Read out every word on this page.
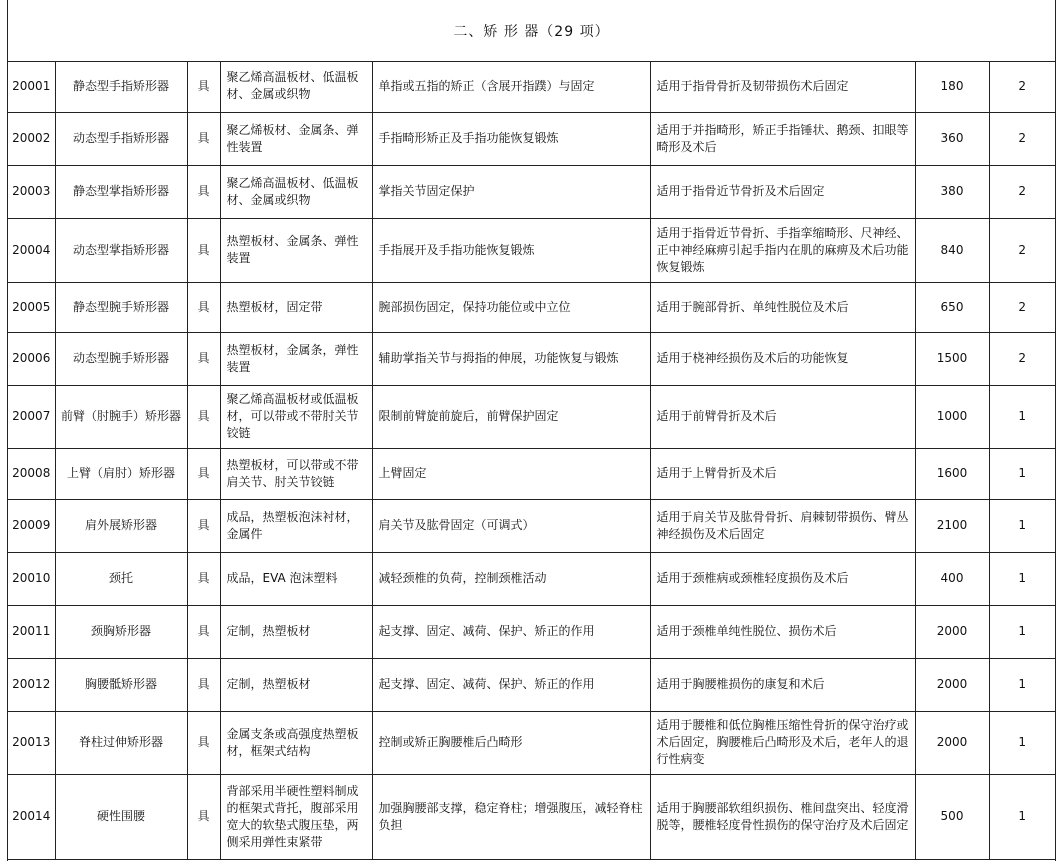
二、矫 形 器（29 项）
20001	静态型手指矫形器	具	聚乙烯高温板材、低温板材、金属或织物	单指或五指的矫正（含展开指蹼）与固定	适用于指骨骨折及韧带损伤术后固定	180	2
20002	动态型手指矫形器	具	聚乙烯板材、金属条、弹性装置	手指畸形矫正及手指功能恢复锻炼	适用于并指畸形，矫正手指锤状、鹅颈、扣眼等畸形及术后	360	2
20003	静态型掌指矫形器	具	聚乙烯高温板材、低温板材、金属或织物	掌指关节固定保护	适用于指骨近节骨折及术后固定	380	2
20004	动态型掌指矫形器	具	热塑板材、金属条、弹性装置	手指展开及手指功能恢复锻炼	适用于指骨近节骨折、手指挛缩畸形、尺神经、正中神经麻痹引起手指内在肌的麻痹及术后功能恢复锻炼	840	2
20005	静态型腕手矫形器	具	热塑板材，固定带	腕部损伤固定，保持功能位或中立位	适用于腕部骨折、单纯性脱位及术后	650	2
20006	动态型腕手矫形器	具	热塑板材，金属条，弹性装置	辅助掌指关节与拇指的伸展，功能恢复与锻炼	适用于桡神经损伤及术后的功能恢复	1500	2
20007	前臂（肘腕手）矫形器	具	聚乙烯高温板材或低温板材，可以带或不带肘关节铰链	限制前臂旋前旋后，前臂保护固定	适用于前臂骨折及术后	1000	1
20008	上臂（肩肘）矫形器	具	热塑板材，可以带或不带肩关节、肘关节铰链	上臂固定	适用于上臂骨折及术后	1600	1
20009	肩外展矫形器	具	成品，热塑板泡沫衬材，金属件	肩关节及肱骨固定（可调式）	适用于肩关节及肱骨骨折、肩棘韧带损伤、臂丛神经损伤及术后固定	2100	1
20010	颈托	具	成品，EVA 泡沫塑料	减轻颈椎的负荷，控制颈椎活动	适用于颈椎病或颈椎轻度损伤及术后	400	1
20011	颈胸矫形器	具	定制，热塑板材	起支撑、固定、减荷、保护、矫正的作用	适用于颈椎单纯性脱位、损伤术后	2000	1
20012	胸腰骶矫形器	具	定制，热塑板材	起支撑、固定、减荷、保护、矫正的作用	适用于胸腰椎损伤的康复和术后	2000	1
20013	脊柱过伸矫形器	具	金属支条或高强度热塑板材，框架式结构	控制或矫正胸腰椎后凸畸形	适用于腰椎和低位胸椎压缩性骨折的保守治疗或术后固定，胸腰椎后凸畸形及术后，老年人的退行性病变	2000	1
20014	硬性围腰	具	背部采用半硬性塑料制成的框架式背托，腹部采用宽大的软垫式腹压垫，两侧采用弹性束紧带	加强胸腰部支撑，稳定脊柱；增强腹压，减轻脊柱负担	适用于胸腰部软组织损伤、椎间盘突出、轻度滑脱等，腰椎轻度骨性损伤的保守治疗及术后固定	500	1
